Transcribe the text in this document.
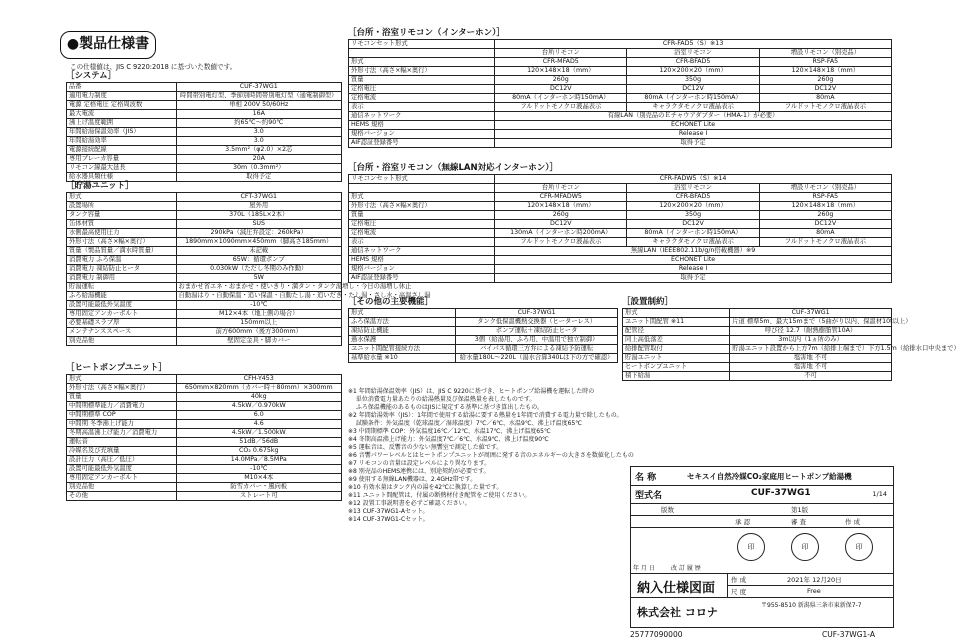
●製品仕様書
この仕様値は、JIS C 9220:2018 に基づいた数値です。
［システム］
品番	CUF-37WG1
適用電力制度	時間帯別電灯型、季節別時間帯別電灯型（通電制御型）
電源 定格電圧 定格周波数	単相 200V 50/60Hz
最大電流	16A
沸上げ温度範囲	約65℃〜約90℃
年間給湯保温効率（JIS）	3.0
年間給湯効率	3.0
電源接続配線	3.5mm²（φ2.0）×2芯
専用ブレーカ容量	20A
リモコン線最大延長	30m（0.3mm²）
給水器具類仕様	取得予定
［貯湯ユニット］
形式	CFT-37WG1
設置場所	屋外用
タンク容量	370L（185L×2本）
缶体材質	SUS
水側最高使用圧力	290kPa（減圧弁設定：260kPa）
外形寸法（高さ×幅×奥行）	1890mm×1090mm×450mm（脚高さ185mm）
質量（製品質量／満水時質量）	未記載
消費電力 ふろ保温	65W：循環ポンプ
消費電力 凍結防止ヒータ	0.030kW（ただし冬期のみ作動）
消費電力 制御用	5W
貯湯運転	おまかせ省エネ・おまかせ・使いきり・満タン・タンク湯増し・今日の湯増し休止
ふろ給湯機能	自動湯はり・自動保温・追い保温・自動たし湯・追いだき・たし湯・さし水・高温さし湯
設置可能最低外気温度	-10℃
専用固定アンカーボルト	M12×4本（地上側の場合）
必要基礎スラブ厚	150mm以上
メンテナンススペース	前方600mm（後方300mm）
別売品他	壁固定金具・脚カバー
［ヒートポンプユニット］
形式	CFH-Y453
外形寸法（高さ×幅×奥行）	650mm×820mm（カバー時＋80mm）×300mm
質量	40kg
中間期標準能力／消費電力	4.5kW／0.970kW
中間期標準 COP	6.0
中間期 冬季沸上げ能力	4.6
冬期高温沸上げ能力／消費電力	4.5kW／1.500kW
運転音	51dB／56dB
冷媒名及び充填量	CO₂ 0.675kg
設計圧力（高圧／低圧）	14.0MPa／8.5MPa
設置可能最低外気温度	-10℃
専用固定アンカーボルト	M10×4本
別売品他	防雪カバー・風向板
その他	ストレート可
［台所・浴室リモコン（インターホン）］
リモコンセット形式	CFR-FAD5（S）※13		
	台所リモコン	浴室リモコン	増設リモコン（別売品）
形式	CFR-MFAD5	CFR-BFAD5	RSP-FA5
外形寸法（高さ×幅×奥行）	120×148×18（mm）	120×200×20（mm）	120×148×18（mm）
質量	260g	350g	260g
定格電圧	DC12V	DC12V	DC12V
定格電流	80mA（インターホン時150mA）	80mA（インターホン時150mA）	80mA
表示	フルドットモノクロ液晶表示	キャラクタモノクロ液晶表示	フルドットモノクロ液晶表示
通信ネットワーク	有線LAN（別売品のＥチャウアダプター（HMA-1）が必要）		
HEMS 規格	ECHONET Lite		
規格バージョン	Release I		
AIF認証登録番号	取得予定		
［台所・浴室リモコン（無線LAN対応インターホン）］
リモコンセット形式	CFR-FADW5（S）※14		
	台所リモコン	浴室リモコン	増設リモコン（別売品）
形式	CFR-MFADW5	CFR-BFAD5	RSP-FA5
外形寸法（高さ×幅×奥行）	120×148×18（mm）	120×200×20（mm）	120×148×18（mm）
質量	260g	350g	260g
定格電圧	DC12V	DC12V	DC12V
定格電流	130mA（インターホン時200mA）	80mA（インターホン時150mA）	80mA
表示	フルドットモノクロ液晶表示	キャラクタモノクロ液晶表示	フルドットモノクロ液晶表示
通信ネットワーク	無線LAN（IEEE802.11b/g/n搭載機器）※9		
HEMS 規格	ECHONET Lite		
規格バージョン	Release I		
AIF認証登録番号	取得予定		
［その他の主要機能］
形式	CUF-37WG1
ふろ保温方法	タンク低保温機熱交換器（ヒーターレス）
凍結防止機能	ポンプ運転＋凍結防止ヒータ
過水保護	3個（給湯用、ふろ用、中温用で独立制御）
ユニット間配管接続方法	バイパス循環三方弁による凍結予防運転
基準給水量 ※10	給水量180L〜220L（湯水合算340Lは下の方で確認）
［設置制約］
形式	CUF-37WG1
ユニット間配管 ※11	片道 標準5m、最大15mまで（5曲がり以内、保温材10t以上）
配管径	呼び径 12.7（耐熱樹脂管10A）
同上高低落差	3m以内（1ヵ所のみ）
給排配管取付	貯湯ユニット設置から上方7m（給排上端まで）下方1.5m（給排水口中央まで）
貯湯ユニット	塩害地 不可
ヒートポンプユニット	塩害地 不可
積下給湯	不可
※1 年間給湯保温効率（JIS）は、JIS C 9220に基づき、ヒートポンプ給湯機を運転した時の
　 単位消費電力量あたりの給湯熱量及び保温熱量を表したものです。
　 ふろ保温機能のあるものはJISに規定する基準に基づき算出したもの。
※2 年間給湯効率（JIS）：1年間で使用する給湯に要する熱量を1年間で消費する電力量で除したもの。
　 試験条件：外気温度（乾球温度／湿球温度）7℃／6℃、水温9℃、沸上げ温度65℃
※3 中間期標準 COP：外気温度16℃／12℃、水温17℃、沸上げ温度65℃
※4 冬期高温沸上げ能力：外気温度7℃／6℃、水温9℃、沸上げ温度90℃
※5 運転音は、反響音の少ない無響室で測定した値です。
※6 音響パワーレベルとはヒートポンプユニットが周囲に発する音のエネルギーの大きさを数値化したもの
※7 リモコンの音量は設定レベルにより異なります。
※8 別売品のHEMS連携には、別途契約が必要です。
※9 使用する無線LAN機器は、2.4GHz帯です。
※10 有効水量はタンク内の湯を42℃に換算した量です。
※11 ユニット間配管は、付属の断熱材付き配管をご使用ください。
※12 設置工事説明書を必ずご確認ください。
※13 CUF-37WG1-Aセット。
※14 CUF-37WG1-Cセット。
名 称	セキスイ自然冷媒CO₂家庭用ヒートポンプ給湯機
型式名	CUF-37WG1	1/14
版数	第1版
承 認	審 査	作 成
印	印	印
年 月 日	改 訂 履 歴
納入仕様図面
作 成	2021年 12月20日
尺 度	Free
株式会社 コロナ
〒955-8510 新潟県三条市東新保7-7
25777090000	CUF-37WG1-A
